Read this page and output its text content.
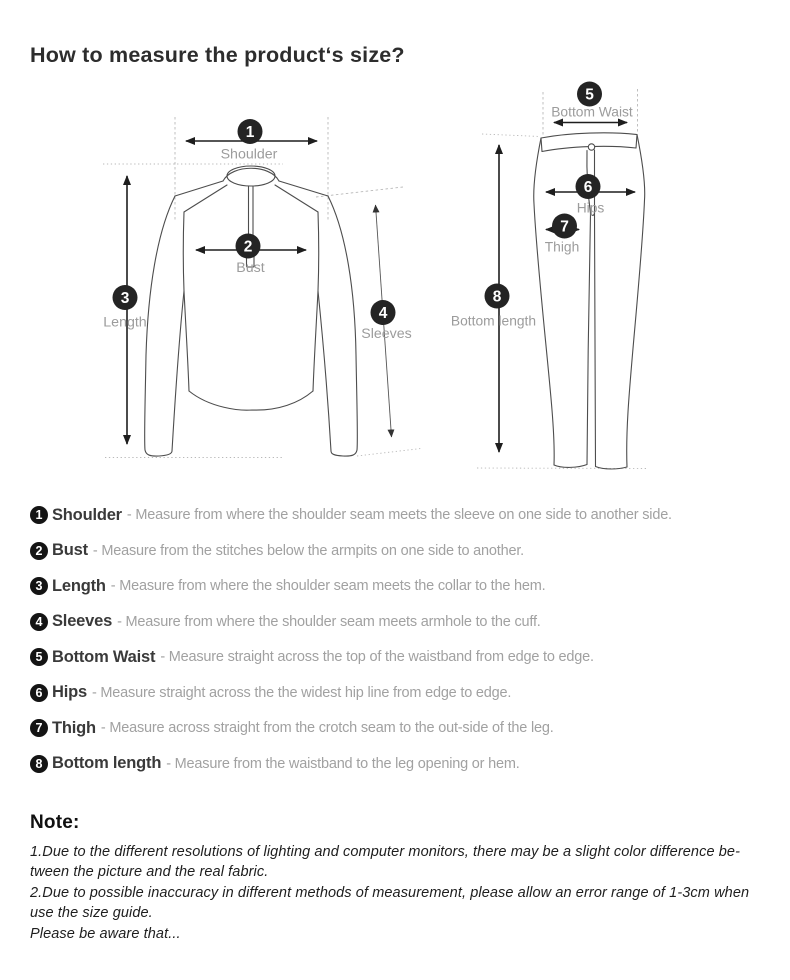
How to measure the product‘s size?
1
2
3
4
Shoulder
Bust
Length
Sleeves
5
6
7
8
Bottom Waist
Hips
Thigh
Bottom length
1 Shoulder - Measure from where the shoulder seam meets the sleeve on one side to another side.
2 Bust - Measure from the stitches below the armpits on one side to another.
3 Length - Measure from where the shoulder seam meets the collar to the hem.
4 Sleeves - Measure from where the shoulder seam meets armhole to the cuff.
5 Bottom Waist - Measure straight across the top of the waistband from edge to edge.
6 Hips - Measure straight across the the widest hip line from edge to edge.
7 Thigh - Measure across straight from the crotch seam to the out-side of the leg.
8 Bottom length - Measure from the waistband to the leg opening or hem.
Note:

1.Due to the different resolutions of lighting and computer monitors, there may be a slight color difference be-

tween the picture and the real fabric.

2.Due to possible inaccuracy in different methods of measurement, please allow an error range of 1-3cm when

use the size guide.

Please be aware that...
